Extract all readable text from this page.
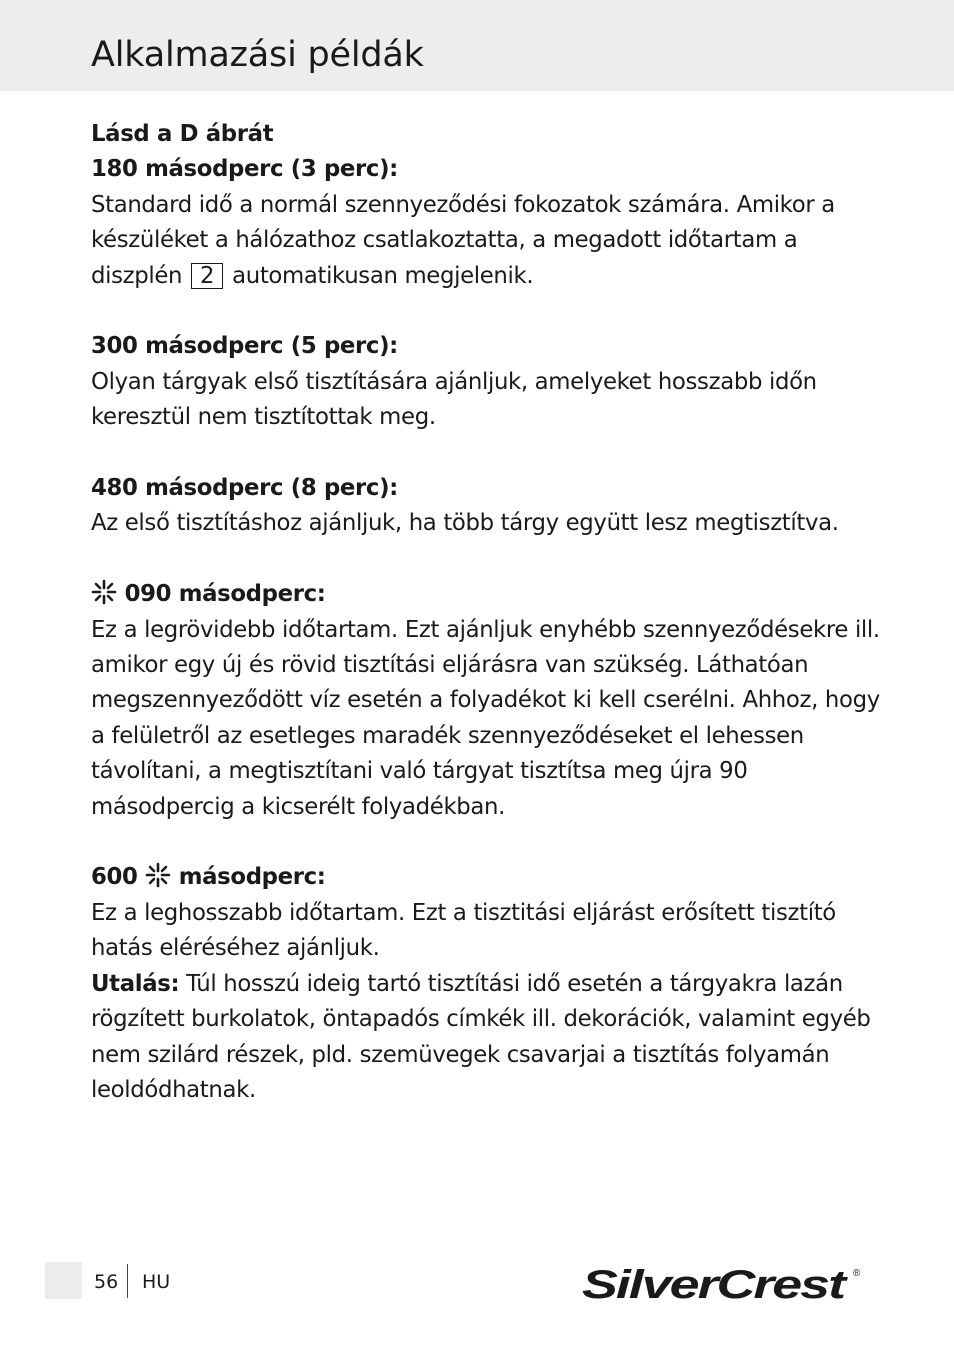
Alkalmazási példák

Lásd a D ábrát

180 másodperc (3 perc):

Standard idő a normál szennyeződési fokozatok számára. Amikor a készüléket a hálózathoz csatlakoztatta, a megadott időtartam a diszplén 2 automatikusan megjelenik.

300 másodperc (5 perc):

Olyan tárgyak első tisztítására ajánljuk, amelyeket hosszabb időn keresztül nem tisztítottak meg.

480 másodperc (8 perc):

Az első tisztításhoz ajánljuk, ha több tárgy együtt lesz megtisztítva.

090 másodperc:

Ez a legrövidebb időtartam. Ezt ajánljuk enyhébb szennyeződésekre ill. amikor egy új és rövid tisztítási eljárásra van szükség. Láthatóan megszennyeződött víz esetén a folyadékot ki kell cserélni. Ahhoz, hogy a felületről az esetleges maradék szennyeződéseket el lehessen távolítani, a megtisztítani való tárgyat tisztítsa meg újra 90 másodpercig a kicserélt folyadékban.

600 másodperc:

Ez a leghosszabb időtartam. Ezt a tisztitási eljárást erősített tisztító hatás eléréséhez ajánljuk.

Utalás: Túl hosszú ideig tartó tisztítási idő esetén a tárgyakra lazán rögzített burkolatok, öntapadós címkék ill. dekorációk, valamint egyéb nem szilárd részek, pld. szemüvegek csavarjai a tisztítás folyamán leoldódhatnak.

56 HU	SilverCrest ®
